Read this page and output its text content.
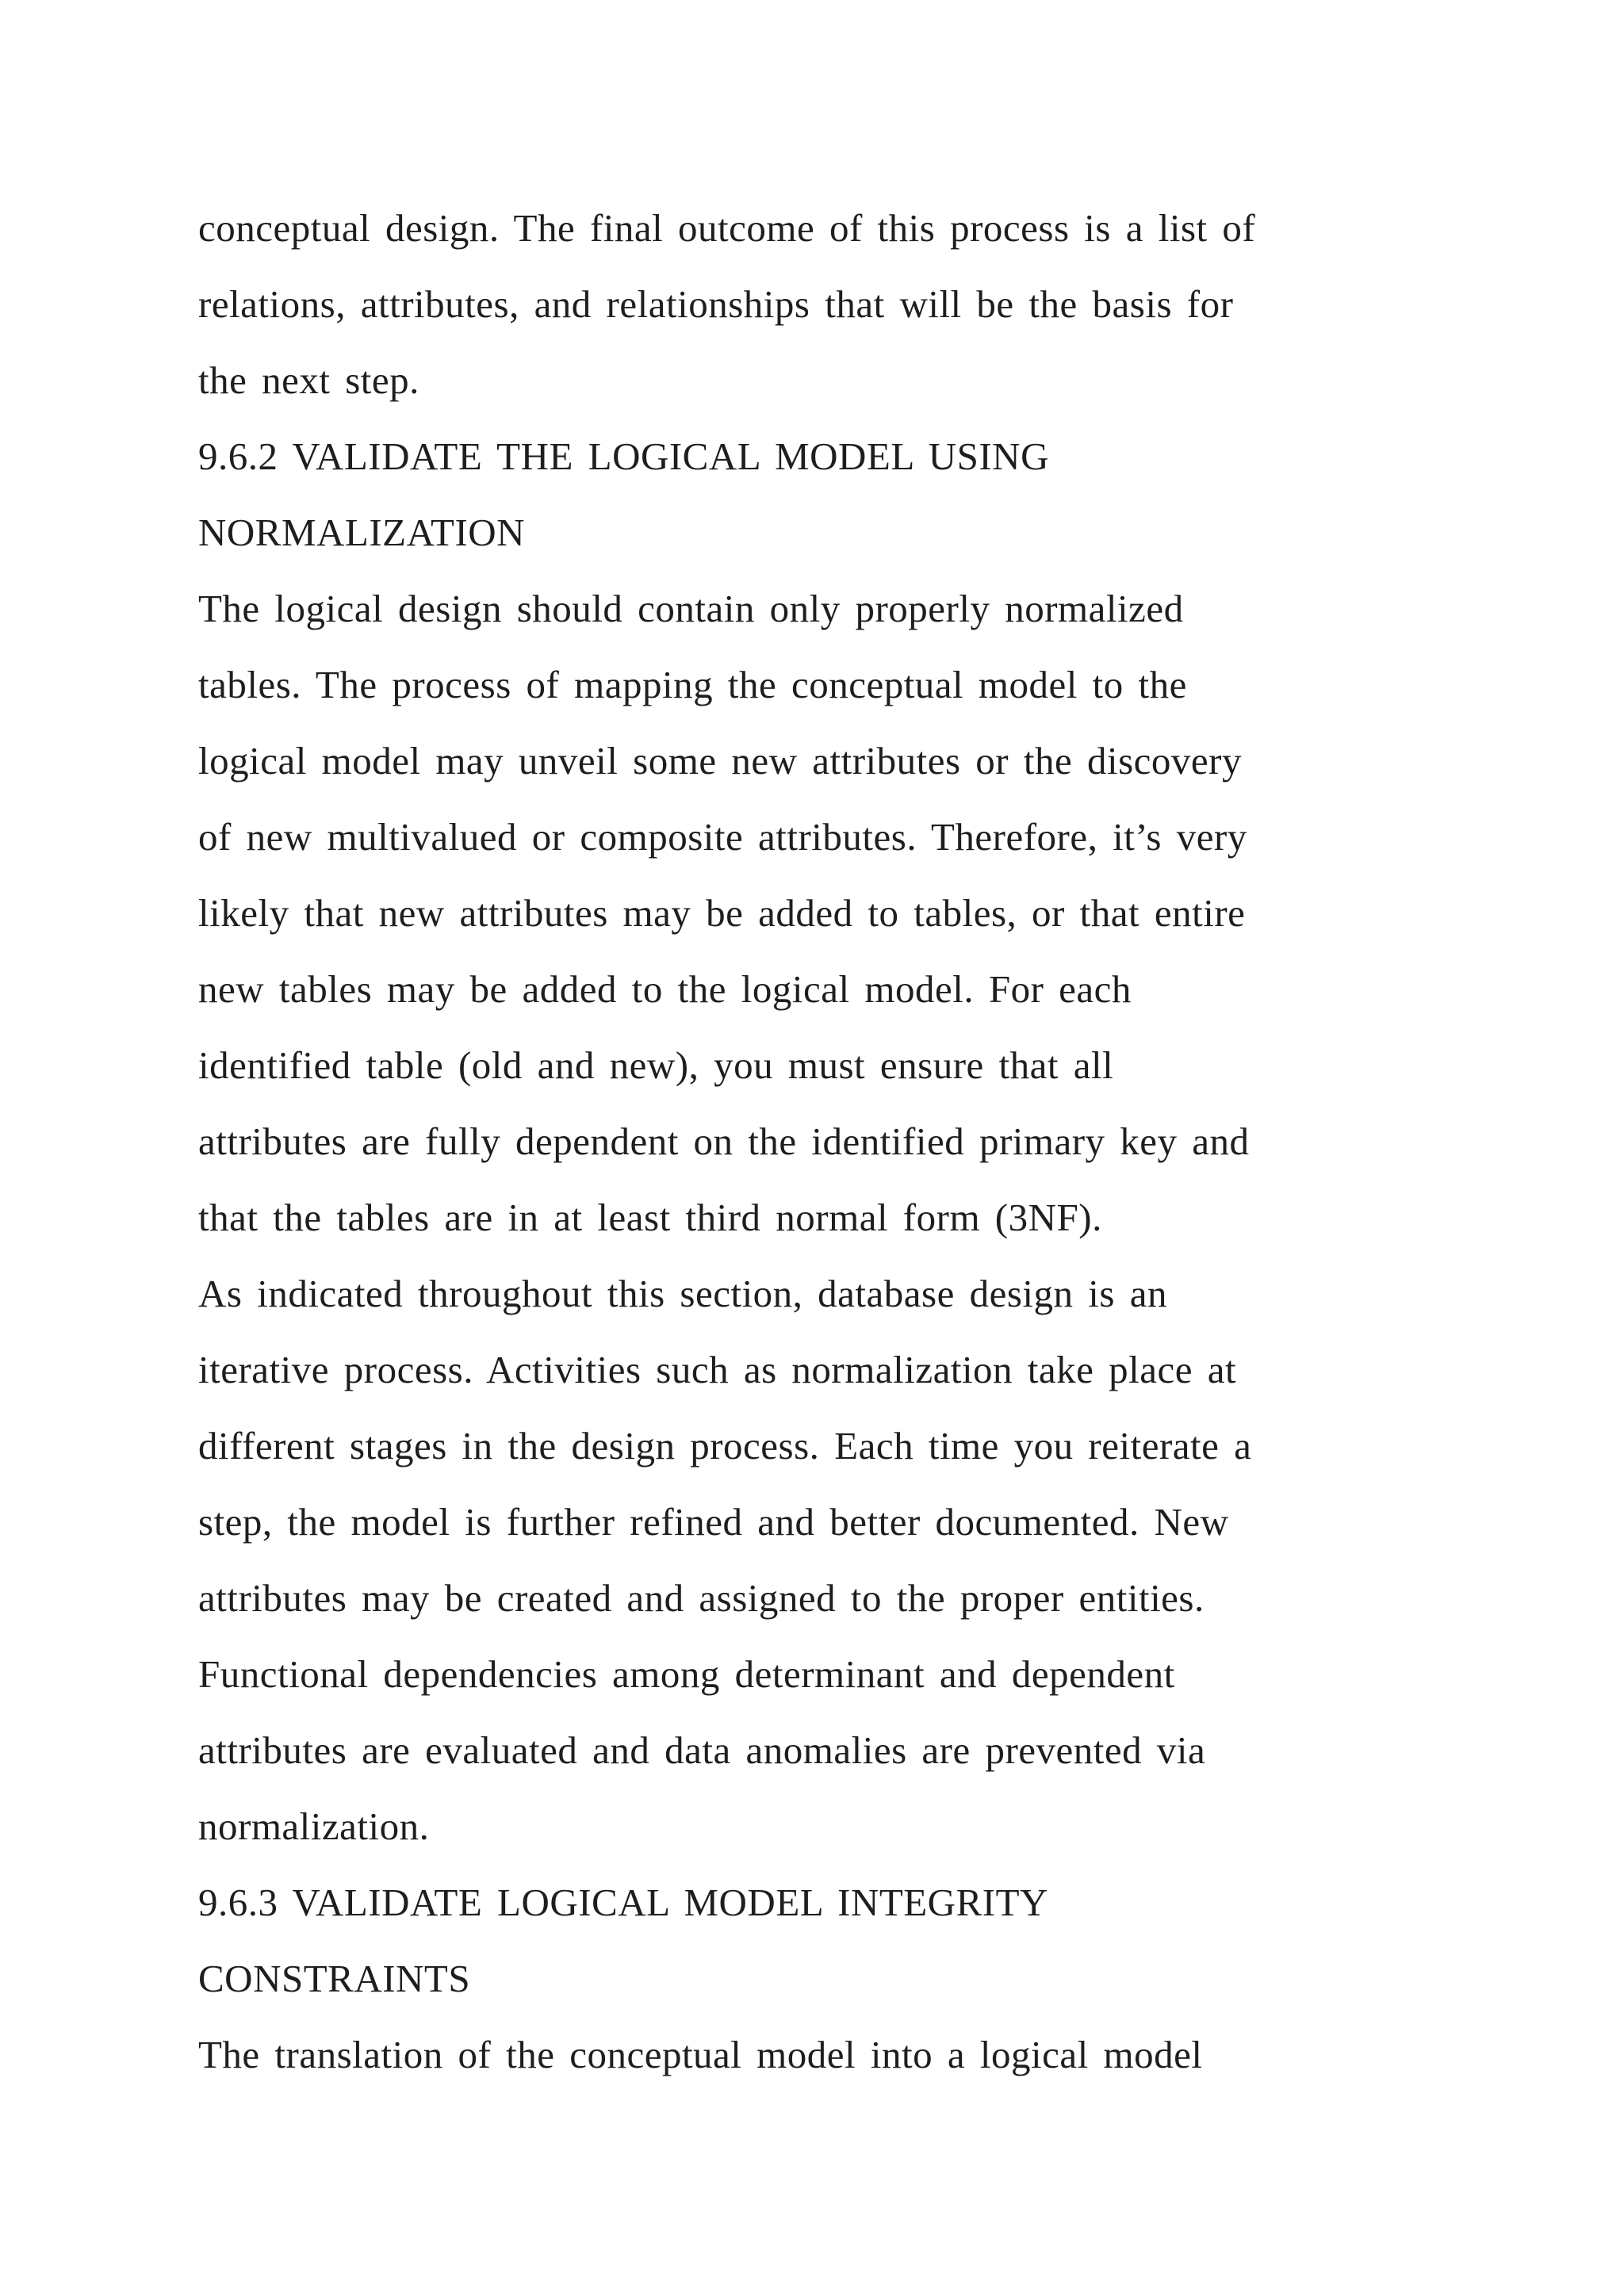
conceptual design. The final outcome of this process is a list of
relations, attributes, and relationships that will be the basis for
the next step.
9.6.2 VALIDATE THE LOGICAL MODEL USING
NORMALIZATION
The logical design should contain only properly normalized
tables. The process of mapping the conceptual model to the
logical model may unveil some new attributes or the discovery
of new multivalued or composite attributes. Therefore, it’s very
likely that new attributes may be added to tables, or that entire
new tables may be added to the logical model. For each
identified table (old and new), you must ensure that all
attributes are fully dependent on the identified primary key and
that the tables are in at least third normal form (3NF).
As indicated throughout this section, database design is an
iterative process. Activities such as normalization take place at
different stages in the design process. Each time you reiterate a
step, the model is further refined and better documented. New
attributes may be created and assigned to the proper entities.
Functional dependencies among determinant and dependent
attributes are evaluated and data anomalies are prevented via
normalization.
9.6.3 VALIDATE LOGICAL MODEL INTEGRITY
CONSTRAINTS
The translation of the conceptual model into a logical model
